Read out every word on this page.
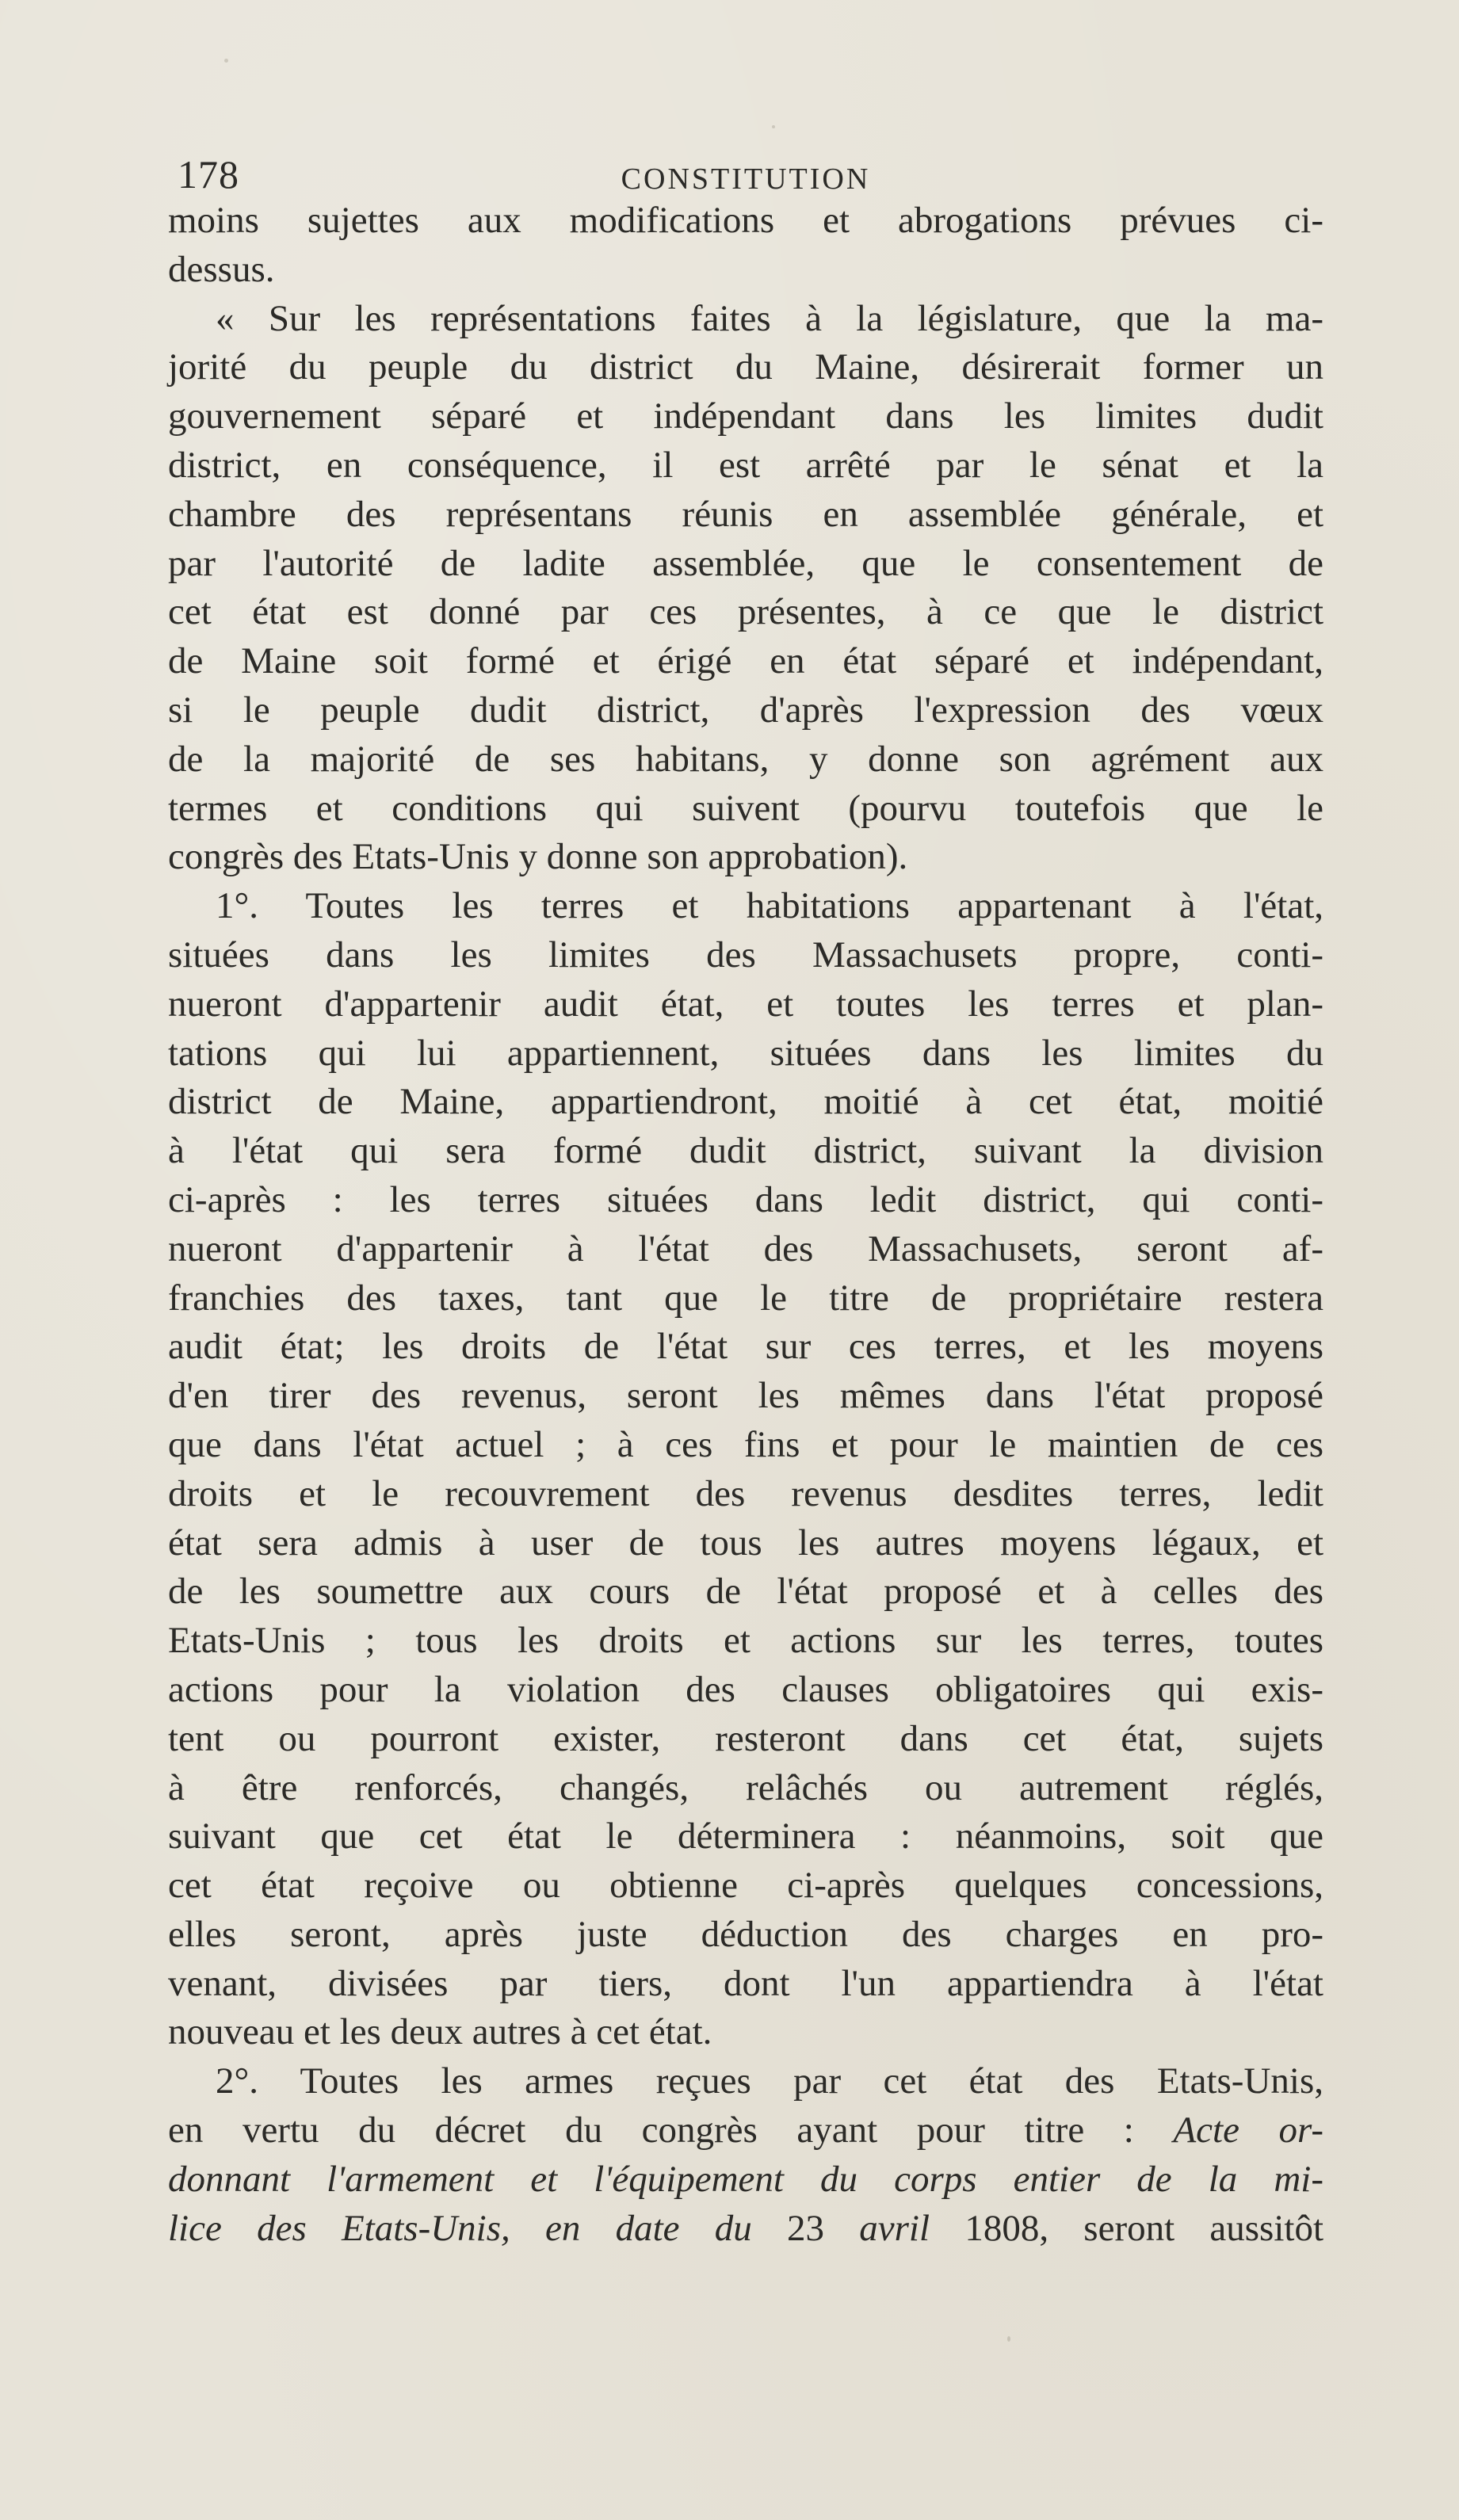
178	CONSTITUTION
moins sujettes aux modifications et abrogations prévues ci-
dessus.
« Sur les représentations faites à la législature, que la ma-
jorité du peuple du district du Maine, désirerait former un
gouvernement séparé et indépendant dans les limites dudit
district, en conséquence, il est arrêté par le sénat et la
chambre des représentans réunis en assemblée générale, et
par l'autorité de ladite assemblée, que le consentement de
cet état est donné par ces présentes, à ce que le district
de Maine soit formé et érigé en état séparé et indépendant,
si le peuple dudit district, d'après l'expression des vœux
de la majorité de ses habitans, y donne son agrément aux
termes et conditions qui suivent (pourvu toutefois que le
congrès des Etats-Unis y donne son approbation).
1°. Toutes les terres et habitations appartenant à l'état,
situées dans les limites des Massachusets propre, conti-
nueront d'appartenir audit état, et toutes les terres et plan-
tations qui lui appartiennent, situées dans les limites du
district de Maine, appartiendront, moitié à cet état, moitié
à l'état qui sera formé dudit district, suivant la division
ci-après : les terres situées dans ledit district, qui conti-
nueront d'appartenir à l'état des Massachusets, seront af-
franchies des taxes, tant que le titre de propriétaire restera
audit état; les droits de l'état sur ces terres, et les moyens
d'en tirer des revenus, seront les mêmes dans l'état proposé
que dans l'état actuel ; à ces fins et pour le maintien de ces
droits et le recouvrement des revenus desdites terres, ledit
état sera admis à user de tous les autres moyens légaux, et
de les soumettre aux cours de l'état proposé et à celles des
Etats-Unis ; tous les droits et actions sur les terres, toutes
actions pour la violation des clauses obligatoires qui exis-
tent ou pourront exister, resteront dans cet état, sujets
à être renforcés, changés, relâchés ou autrement réglés,
suivant que cet état le déterminera : néanmoins, soit que
cet état reçoive ou obtienne ci-après quelques concessions,
elles seront, après juste déduction des charges en pro-
venant, divisées par tiers, dont l'un appartiendra à l'état
nouveau et les deux autres à cet état.
2°. Toutes les armes reçues par cet état des Etats-Unis,
en vertu du décret du congrès ayant pour titre : Acte or-
donnant l'armement et l'équipement du corps entier de la mi-
lice des Etats-Unis, en date du 23 avril 1808, seront aussitôt
